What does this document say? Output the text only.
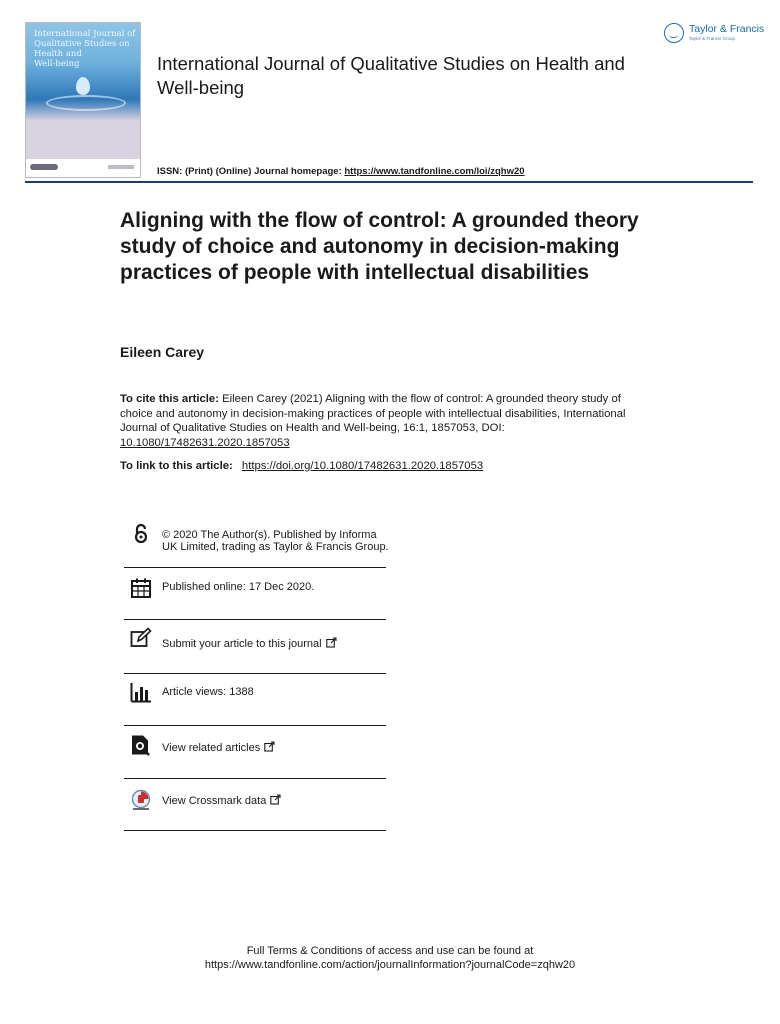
International Journal of
Qualitative Studies on
Health and
Well-being	International Journal of Qualitative Studies on Health and Well-being
ISSN: (Print) (Online) Journal homepage: https://www.tandfonline.com/loi/zqhw20
Taylor & Francis
Taylor & Francis Group
Aligning with the flow of control: A grounded theory study of choice and autonomy in decision-making practices of people with intellectual disabilities
Eileen Carey
To cite this article: Eileen Carey (2021) Aligning with the flow of control: A grounded theory study of choice and autonomy in decision-making practices of people with intellectual disabilities, International Journal of Qualitative Studies on Health and Well-being, 16:1, 1857053, DOI: 10.1080/17482631.2020.1857053
To link to this article: https://doi.org/10.1080/17482631.2020.1857053
© 2020 The Author(s). Published by Informa UK Limited, trading as Taylor & Francis Group.
Published online: 17 Dec 2020.
Submit your article to this journal
Article views: 1388
View related articles
View Crossmark data
Full Terms & Conditions of access and use can be found at
https://www.tandfonline.com/action/journalInformation?journalCode=zqhw20
